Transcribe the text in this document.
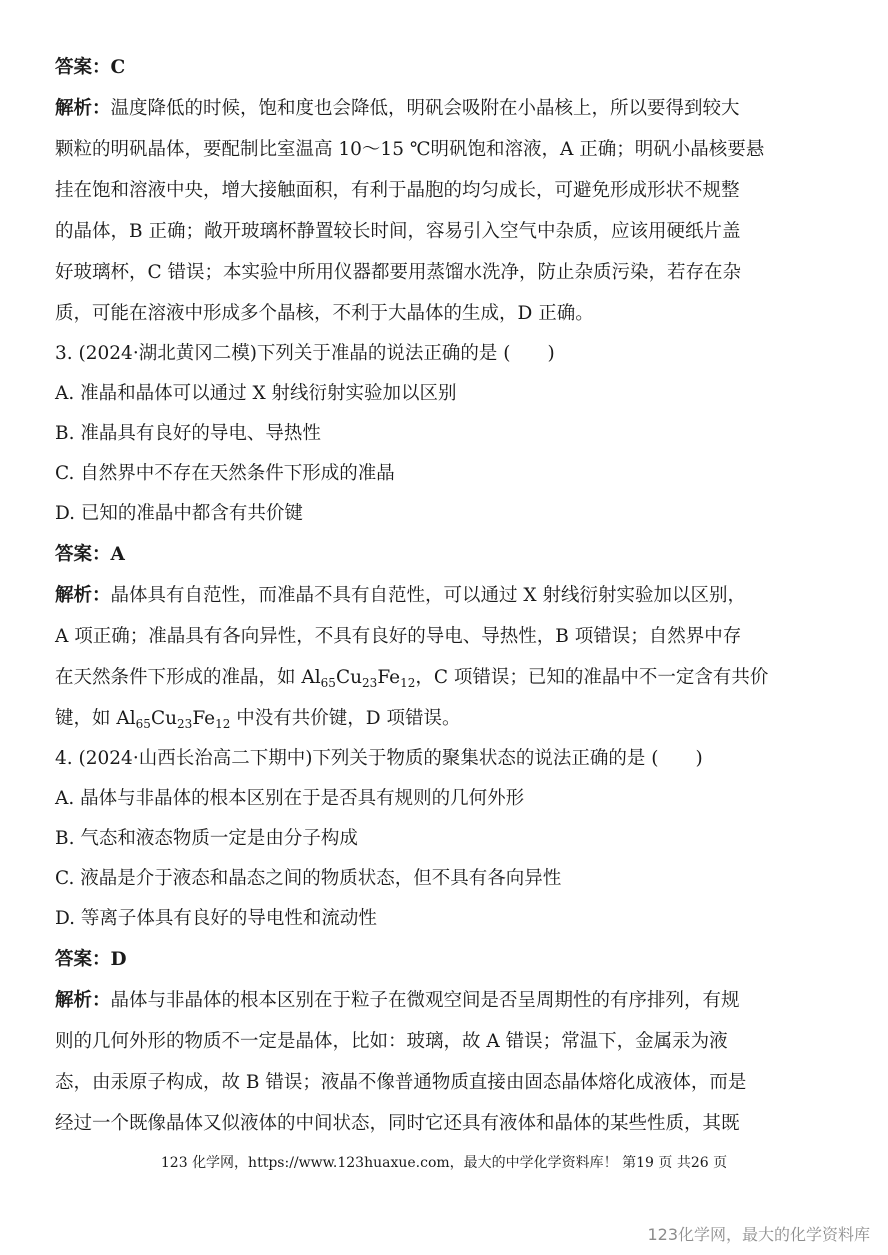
答案：C
解析：温度降低的时候，饱和度也会降低，明矾会吸附在小晶核上，所以要得到较大
颗粒的明矾晶体，要配制比室温高 10～15 ℃明矾饱和溶液，A 正确；明矾小晶核要悬
挂在饱和溶液中央，增大接触面积，有利于晶胞的均匀成长，可避免形成形状不规整
的晶体，B 正确；敞开玻璃杯静置较长时间，容易引入空气中杂质，应该用硬纸片盖
好玻璃杯，C 错误；本实验中所用仪器都要用蒸馏水洗净，防止杂质污染，若存在杂
质，可能在溶液中形成多个晶核，不利于大晶体的生成，D 正确。
3. (2024·湖北黄冈二模)下列关于准晶的说法正确的是 (　　)
A. 准晶和晶体可以通过 X 射线衍射实验加以区别
B. 准晶具有良好的导电、导热性
C. 自然界中不存在天然条件下形成的准晶
D. 已知的准晶中都含有共价键
答案：A
解析：晶体具有自范性，而准晶不具有自范性，可以通过 X 射线衍射实验加以区别，
A 项正确；准晶具有各向异性，不具有良好的导电、导热性，B 项错误；自然界中存
在天然条件下形成的准晶，如 $Al_{65}Cu_{23}Fe_{12}$，C 项错误；已知的准晶中不一定含有共价
键，如 $Al_{65}Cu_{23}Fe_{12}$ 中没有共价键，D 项错误。
4. (2024·山西长治高二下期中)下列关于物质的聚集状态的说法正确的是 (　　)
A. 晶体与非晶体的根本区别在于是否具有规则的几何外形
B. 气态和液态物质一定是由分子构成
C. 液晶是介于液态和晶态之间的物质状态，但不具有各向异性
D. 等离子体具有良好的导电性和流动性
答案：D
解析：晶体与非晶体的根本区别在于粒子在微观空间是否呈周期性的有序排列，有规
则的几何外形的物质不一定是晶体，比如：玻璃，故 A 错误；常温下，金属汞为液
态，由汞原子构成，故 B 错误；液晶不像普通物质直接由固态晶体熔化成液体，而是
经过一个既像晶体又似液体的中间状态，同时它还具有液体和晶体的某些性质，其既
123 化学网，https://www.123huaxue.com，最大的中学化学资料库！ 第19 页 共26 页
123化学网，最大的化学资料库
